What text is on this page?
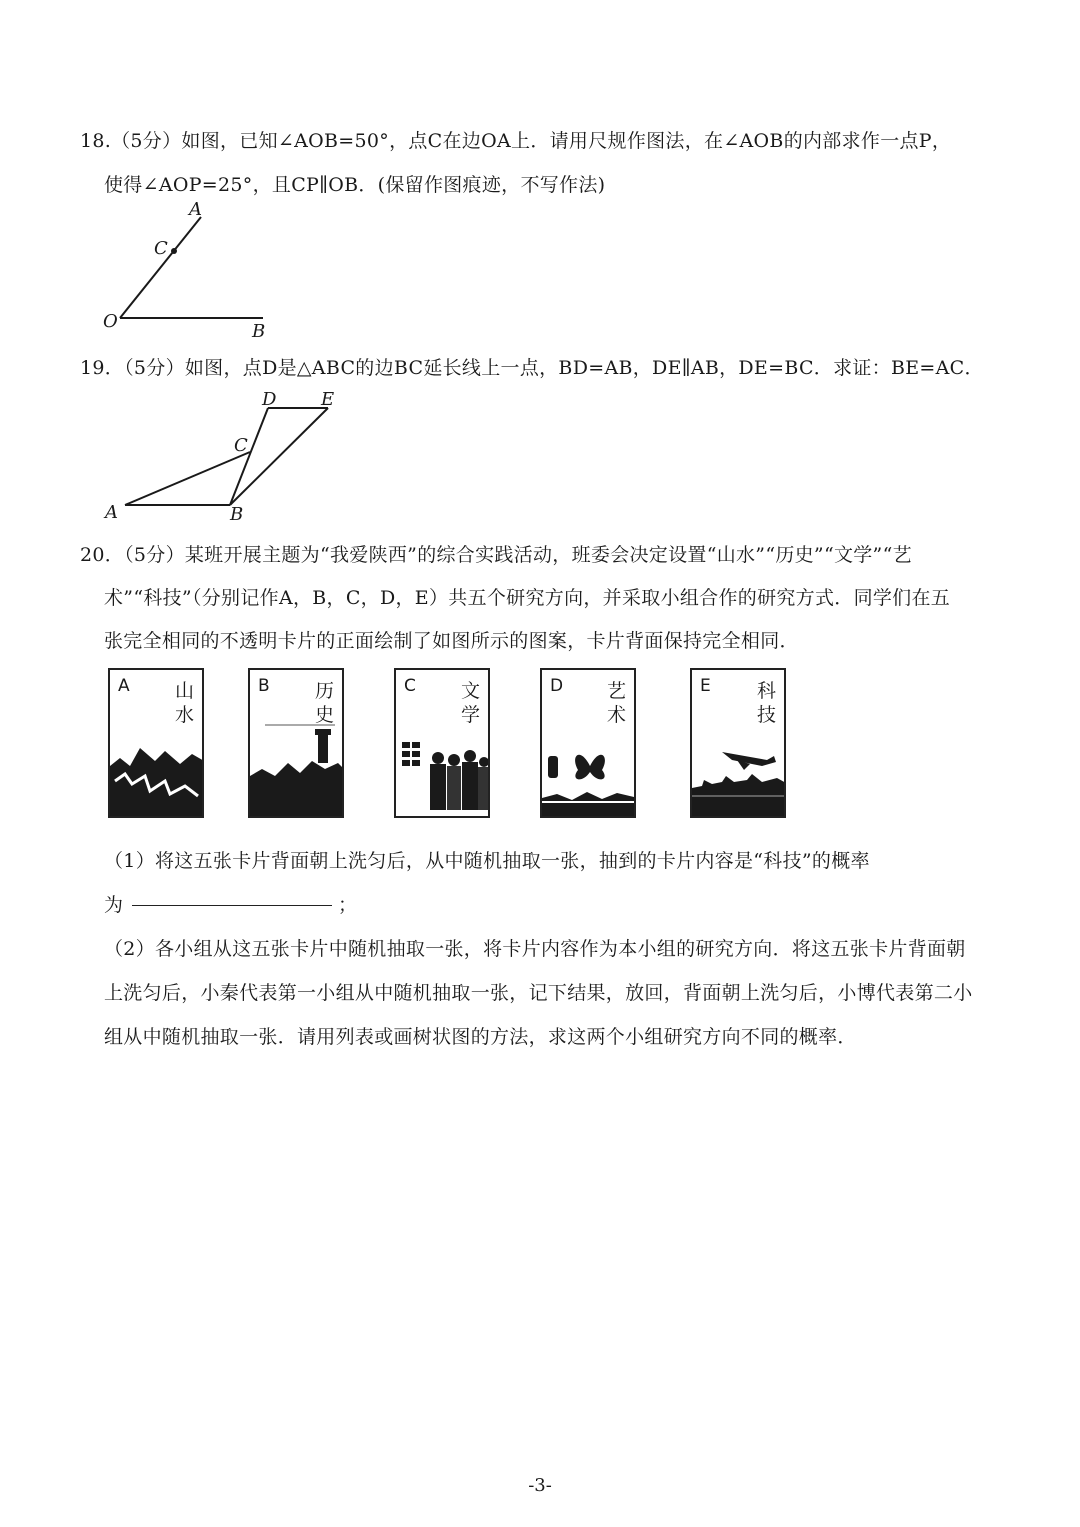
18.（5分）如图，已知∠AOB=50°，点C在边OA上．请用尺规作图法，在∠AOB的内部求作一点P，
使得∠AOP=25°，且CP∥OB．(保留作图痕迹，不写作法)
A
C
O	B
19．（5分）如图，点D是△ABC的边BC延长线上一点，BD=AB，DE∥AB，DE=BC．求证：BE=AC．
D E
C
A	B
20．（5分）某班开展主题为“我爱陕西”的综合实践活动，班委会决定设置“山水”“历史”“文学”“艺
术”“科技”（分别记作A，B，C，D，E）共五个研究方向，并采取小组合作的研究方式．同学们在五
张完全相同的不透明卡片的正面绘制了如图所示的图案，卡片背面保持完全相同．
A 山
水
B 历
史
C 文
学
D 艺
术
E 科
技
（1）将这五张卡片背面朝上洗匀后，从中随机抽取一张，抽到的卡片内容是“科技”的概率
为	；
（2）各小组从这五张卡片中随机抽取一张，将卡片内容作为本小组的研究方向．将这五张卡片背面朝
上洗匀后，小秦代表第一小组从中随机抽取一张，记下结果，放回，背面朝上洗匀后，小博代表第二小
组从中随机抽取一张．请用列表或画树状图的方法，求这两个小组研究方向不同的概率．
-3-
